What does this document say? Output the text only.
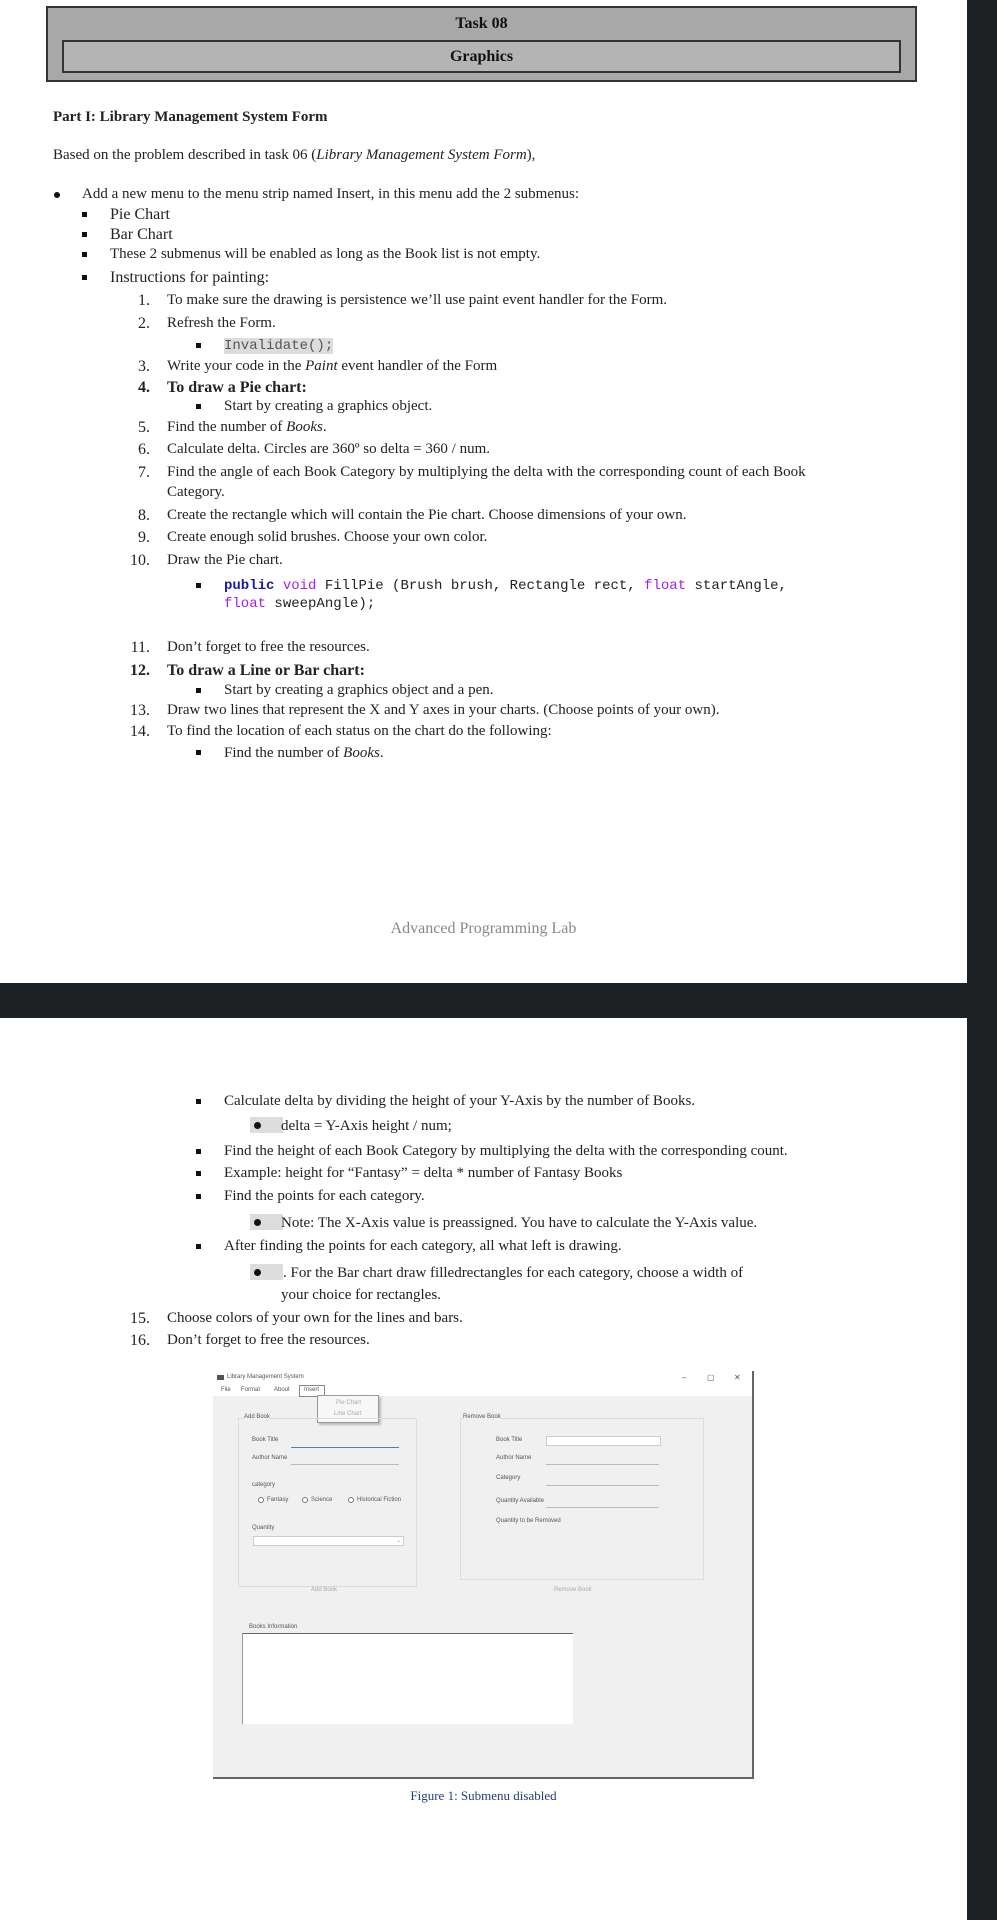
Task 08
Graphics
Part I: Library Management System Form
Based on the problem described in task 06 (Library Management System Form),
Add a new menu to the menu strip named Insert, in this menu add the 2 submenus:
Pie Chart
Bar Chart
These 2 submenus will be enabled as long as the Book list is not empty.
Instructions for painting:
1. To make sure the drawing is persistence we’ll use paint event handler for the Form.
2. Refresh the Form.
Invalidate();
3. Write your code in the Paint event handler of the Form
4. To draw a Pie chart:
Start by creating a graphics object.
5. Find the number of Books.
6. Calculate delta. Circles are 360º so delta = 360 / num.
7. Find the angle of each Book Category by multiplying the delta with the corresponding count of each Book
Category.
8. Create the rectangle which will contain the Pie chart. Choose dimensions of your own.
9. Create enough solid brushes. Choose your own color.
10. Draw the Pie chart.
public void FillPie (Brush brush, Rectangle rect, float startAngle,
float sweepAngle);
11. Don’t forget to free the resources.
12. To draw a Line or Bar chart:
Start by creating a graphics object and a pen.
13. Draw two lines that represent the X and Y axes in your charts. (Choose points of your own).
14. To find the location of each status on the chart do the following:
Find the number of Books.
Advanced Programming Lab
Calculate delta by dividing the height of your Y-Axis by the number of Books.
delta = Y-Axis height / num;
Find the height of each Book Category by multiplying the delta with the corresponding count.
Example: height for “Fantasy” = delta * number of Fantasy Books
Find the points for each category.
Note: The X-Axis value is preassigned. You have to calculate the Y-Axis value.
After finding the points for each category, all what left is drawing.
. For the Bar chart draw filledrectangles for each category, choose a width of
your choice for rectangles.
15. Choose colors of your own for the lines and bars.
16. Don’t forget to free the resources.
Library Management System	–	▢ ✕
File Format About Insert
Pie Chart
Line Chart
Add Book
Book Title
Author Name
category
Fantasy	Science	Historical Fiction
Quantity
⌄
Add Book
Remove Book
Book Title
Author Name
Category
Quantity Available
Quantity to be Removed
Remove Book
Books Information
Figure 1: Submenu disabled
